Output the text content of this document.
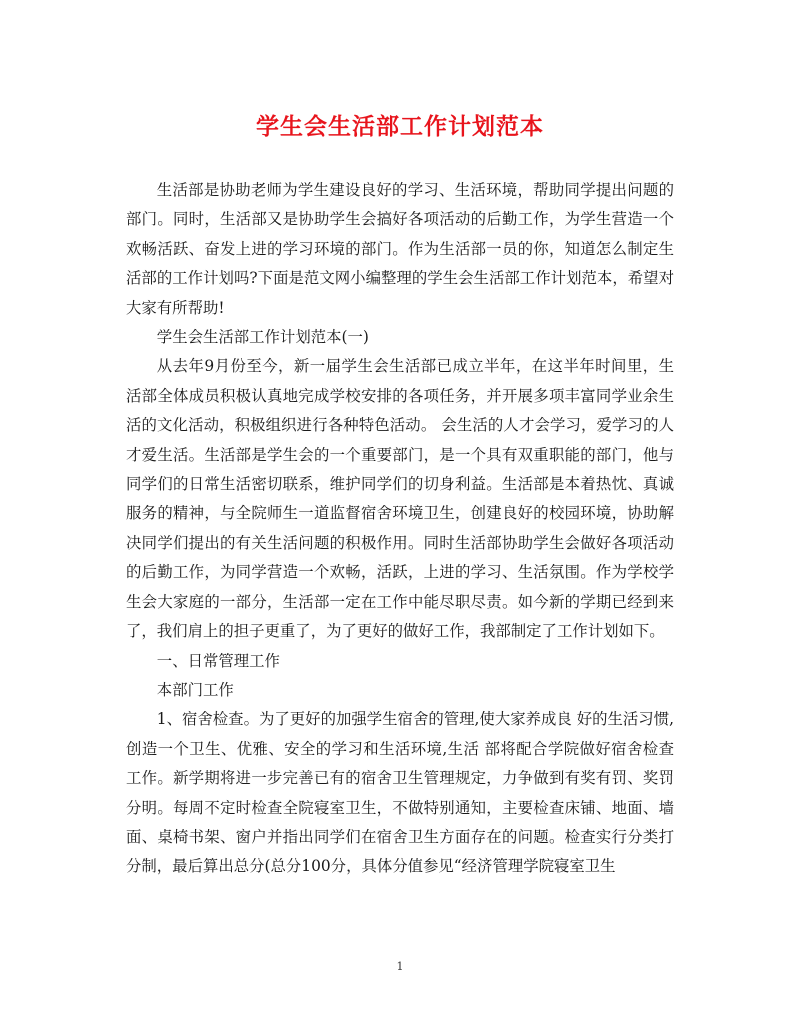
学生会生活部工作计划范本

生活部是协助老师为学生建设良好的学习、生活环境，帮助同学提出问题的部门。同时，生活部又是协助学生会搞好各项活动的后勤工作，为学生营造一个欢畅活跃、奋发上进的学习环境的部门。作为生活部一员的你，知道怎么制定生活部的工作计划吗?下面是范文网小编整理的学生会生活部工作计划范本，希望对大家有所帮助!

学生会生活部工作计划范本(一)

从去年9月份至今，新一届学生会生活部已成立半年，在这半年时间里，生活部全体成员积极认真地完成学校安排的各项任务，并开展多项丰富同学业余生活的文化活动，积极组织进行各种特色活动。 会生活的人才会学习，爱学习的人才爱生活。生活部是学生会的一个重要部门，是一个具有双重职能的部门，他与同学们的日常生活密切联系，维护同学们的切身利益。生活部是本着热忱、真诚服务的精神，与全院师生一道监督宿舍环境卫生，创建良好的校园环境，协助解决同学们提出的有关生活问题的积极作用。同时生活部协助学生会做好各项活动的后勤工作，为同学营造一个欢畅，活跃，上进的学习、生活氛围。作为学校学生会大家庭的一部分，生活部一定在工作中能尽职尽责。如今新的学期已经到来了，我们肩上的担子更重了，为了更好的做好工作，我部制定了工作计划如下。

一、日常管理工作

本部门工作

1、宿舍检查。为了更好的加强学生宿舍的管理,使大家养成良 好的生活习惯,创造一个卫生、优雅、安全的学习和生活环境,生活 部将配合学院做好宿舍检查工作。新学期将进一步完善已有的宿舍卫生管理规定，力争做到有奖有罚、奖罚分明。每周不定时检查全院寝室卫生，不做特别通知，主要检查床铺、地面、墙面、桌椅书架、窗户并指出同学们在宿舍卫生方面存在的问题。检查实行分类打分制，最后算出总分(总分100分，具体分值参见“经济管理学院寝室卫生

1
